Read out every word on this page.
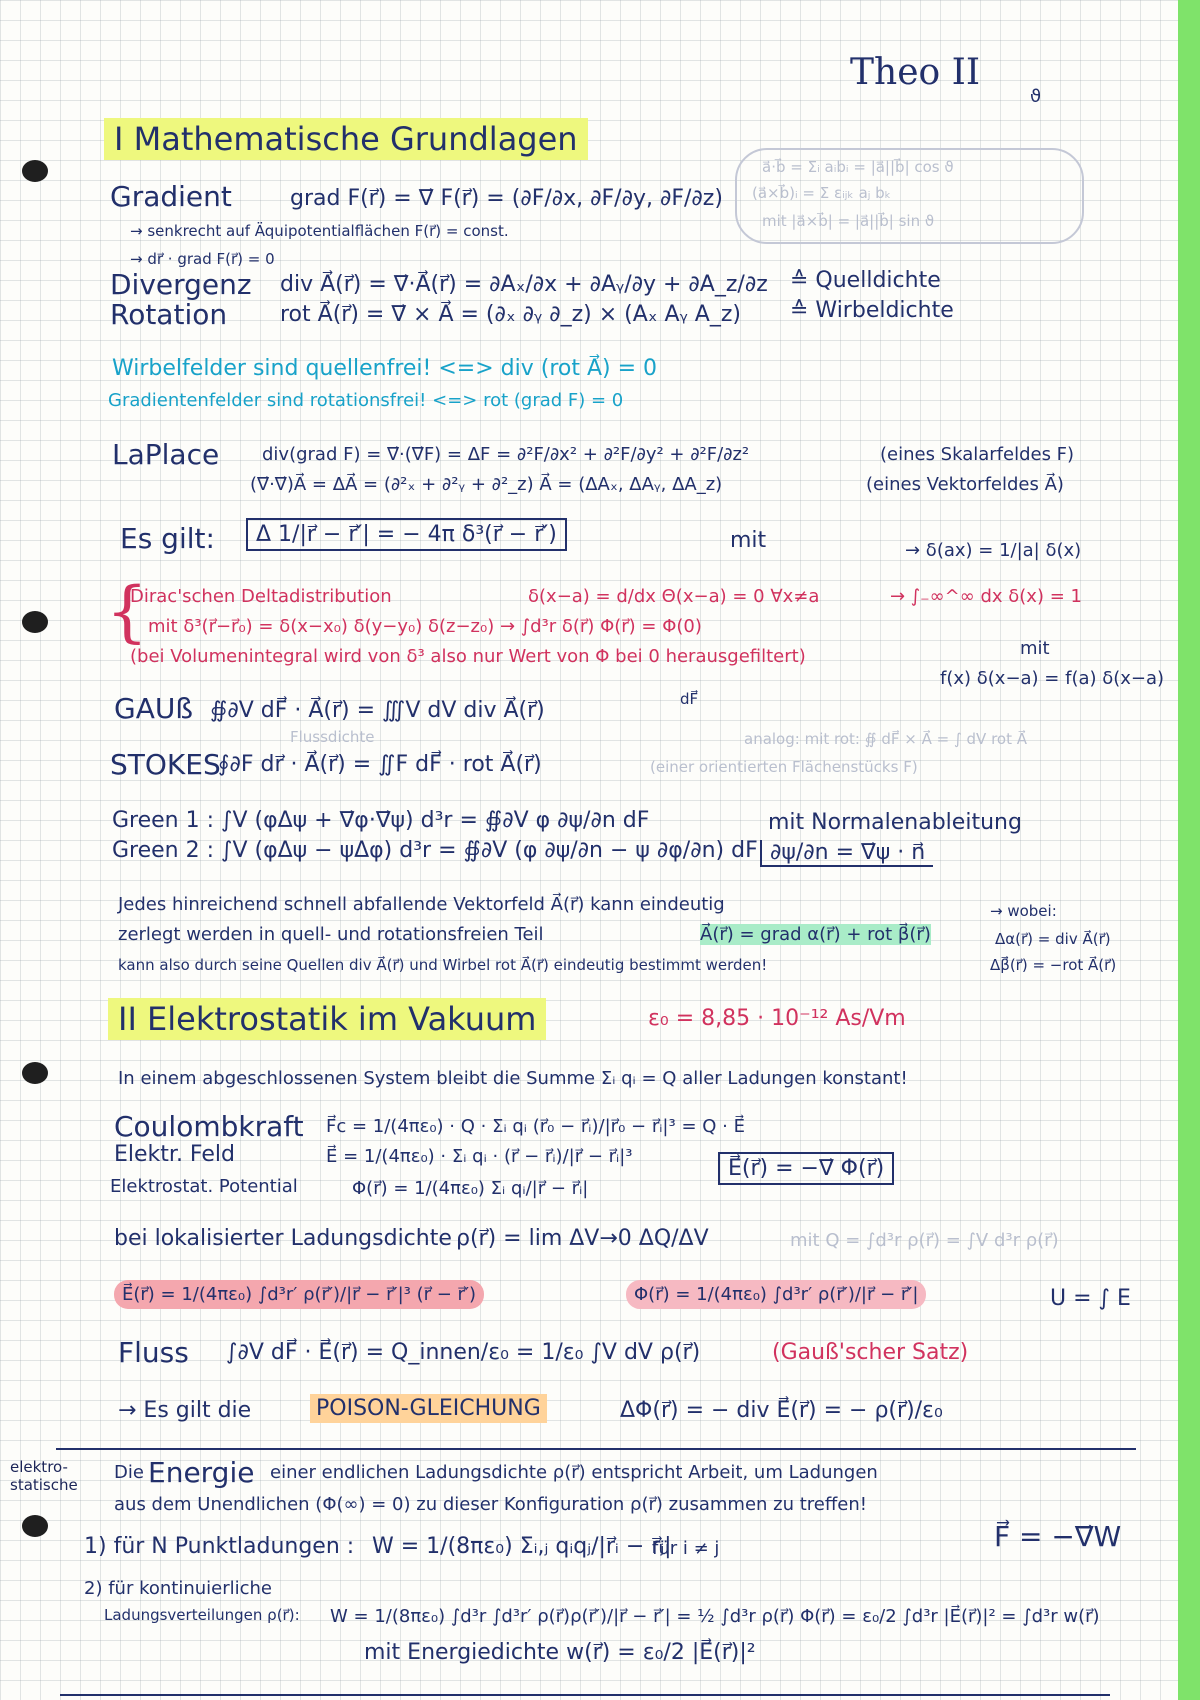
Theo II
ϑ
I Mathematische Grundlagen
a⃗·b⃗ = Σᵢ aᵢbᵢ = |a⃗||b⃗| cos ϑ
(a⃗×b⃗)ᵢ = Σ εᵢⱼₖ aⱼ bₖ
mit |a⃗×b⃗| = |a⃗||b⃗| sin ϑ
Gradient	grad F(r⃗) = ∇⃗ F(r⃗) = (∂F/∂x, ∂F/∂y, ∂F/∂z)
→ senkrecht auf Äquipotentialflächen F(r⃗) = const.
→ dr⃗ · grad F(r⃗) = 0
Divergenz div A⃗(r⃗) = ∇⃗·A⃗(r⃗) = ∂Aₓ/∂x + ∂Aᵧ/∂y + ∂A_z/∂z ≙ Quelldichte
Rotation rot A⃗(r⃗) = ∇⃗ × A⃗ = (∂ₓ ∂ᵧ ∂_z) × (Aₓ Aᵧ A_z) ≙ Wirbeldichte
Wirbelfelder sind quellenfrei! <=> div (rot A⃗) = 0
Gradientenfelder sind rotationsfrei! <=> rot (grad F) = 0
LaPlace div(grad F) = ∇⃗·(∇⃗F) = ΔF = ∂²F/∂x² + ∂²F/∂y² + ∂²F/∂z²	(eines Skalarfeldes F)
(∇⃗·∇⃗)A⃗ = ΔA⃗ = (∂²ₓ + ∂²ᵧ + ∂²_z) A⃗ = (ΔAₓ, ΔAᵧ, ΔA_z)	(eines Vektorfeldes A⃗)
Es gilt:	Δ 1/|r⃗ − r⃗′| = − 4π δ³(r⃗ − r⃗′)	mit	→ δ(ax) = 1/|a| δ(x)
{
Dirac'schen Deltadistribution	δ(x−a) = d/dx Θ(x−a) = 0 ∀x≠a	→ ∫₋∞^∞ dx δ(x) = 1
mit δ³(r⃗−r⃗₀) = δ(x−x₀) δ(y−y₀) δ(z−z₀) → ∫d³r δ(r⃗) Φ(r⃗) = Φ(0)
(bei Volumenintegral wird von δ³ also nur Wert von Φ bei 0 herausgefiltert)	mit
f(x) δ(x−a) = f(a) δ(x−a)
GAUß ∯∂V dF⃗ · A⃗(r⃗) = ∭V dV div A⃗(r⃗)
Flussdichte
dF⃗
analog: mit rot: ∯ dF⃗ × A⃗ = ∫ dV rot A⃗
STOKES
∮∂F dr⃗ · A⃗(r⃗) = ∬F dF⃗ · rot A⃗(r⃗)	(einer orientierten Flächenstücks F)
Green 1 : ∫V (φΔψ + ∇⃗φ·∇⃗ψ) d³r = ∯∂V φ ∂ψ/∂n dF
Green 2 : ∫V (φΔψ − ψΔφ) d³r = ∯∂V (φ ∂ψ/∂n − ψ ∂φ/∂n) dF
mit Normalenableitung
∂ψ/∂n = ∇⃗ψ · n⃗
Jedes hinreichend schnell abfallende Vektorfeld A⃗(r⃗) kann eindeutig
zerlegt werden in quell- und rotationsfreien Teil	A⃗(r⃗) = grad α(r⃗) + rot β⃗(r⃗)
kann also durch seine Quellen div A⃗(r⃗) und Wirbel rot A⃗(r⃗) eindeutig bestimmt werden!
→ wobei:
Δα(r⃗) = div A⃗(r⃗)
Δβ⃗(r⃗) = −rot A⃗(r⃗)
II Elektrostatik im Vakuum	ε₀ = 8,85 · 10⁻¹² As/Vm
In einem abgeschlossenen System bleibt die Summe Σᵢ qᵢ = Q aller Ladungen konstant!
Coulombkraft F⃗c = 1/(4πε₀) · Q · Σᵢ qᵢ (r⃗₀ − r⃗ᵢ)/|r⃗₀ − r⃗ᵢ|³ = Q · E⃗
Elektr. Feld	E⃗ = 1/(4πε₀) · Σᵢ qᵢ · (r⃗ − r⃗ᵢ)/|r⃗ − r⃗ᵢ|³
Elektrostat. Potential	Φ(r⃗) = 1/(4πε₀) Σᵢ qᵢ/|r⃗ − r⃗ᵢ|
E⃗(r⃗) = −∇⃗ Φ(r⃗)
bei lokalisierter Ladungsdichte ρ(r⃗) = lim ΔV→0 ΔQ/ΔV	mit Q = ∫d³r ρ(r⃗) = ∫V d³r ρ(r⃗)
E⃗(r⃗) = 1/(4πε₀) ∫d³r′ ρ(r⃗′)/|r⃗ − r⃗′|³ (r⃗ − r⃗′)	Φ(r⃗) = 1/(4πε₀) ∫d³r′ ρ(r⃗′)/|r⃗ − r⃗′|	U = ∫ E
Fluss ∫∂V dF⃗ · E⃗(r⃗) = Q_innen/ε₀ = 1/ε₀ ∫V dV ρ(r⃗)	(Gauß'scher Satz)
→ Es gilt die	POISON-GLEICHUNG	ΔΦ(r⃗) = − div E⃗(r⃗) = − ρ(r⃗)/ε₀
elektro-statische
Die Energie einer endlichen Ladungsdichte ρ(r⃗) entspricht Arbeit, um Ladungen
aus dem Unendlichen (Φ(∞) = 0) zu dieser Konfiguration ρ(r⃗) zusammen zu treffen!
1) für N Punktladungen : W = 1/(8πε₀) Σᵢ,ⱼ qᵢqⱼ/|r⃗ᵢ − r⃗ⱼ|
für i ≠ j	F⃗ = −∇⃗W
2) für kontinuierliche
Ladungsverteilungen ρ(r⃗): W = 1/(8πε₀) ∫d³r ∫d³r′ ρ(r⃗)ρ(r⃗′)/|r⃗ − r⃗′| = ½ ∫d³r ρ(r⃗) Φ(r⃗) = ε₀/2 ∫d³r |E⃗(r⃗)|² = ∫d³r w(r⃗)
mit Energiedichte w(r⃗) = ε₀/2 |E⃗(r⃗)|²
